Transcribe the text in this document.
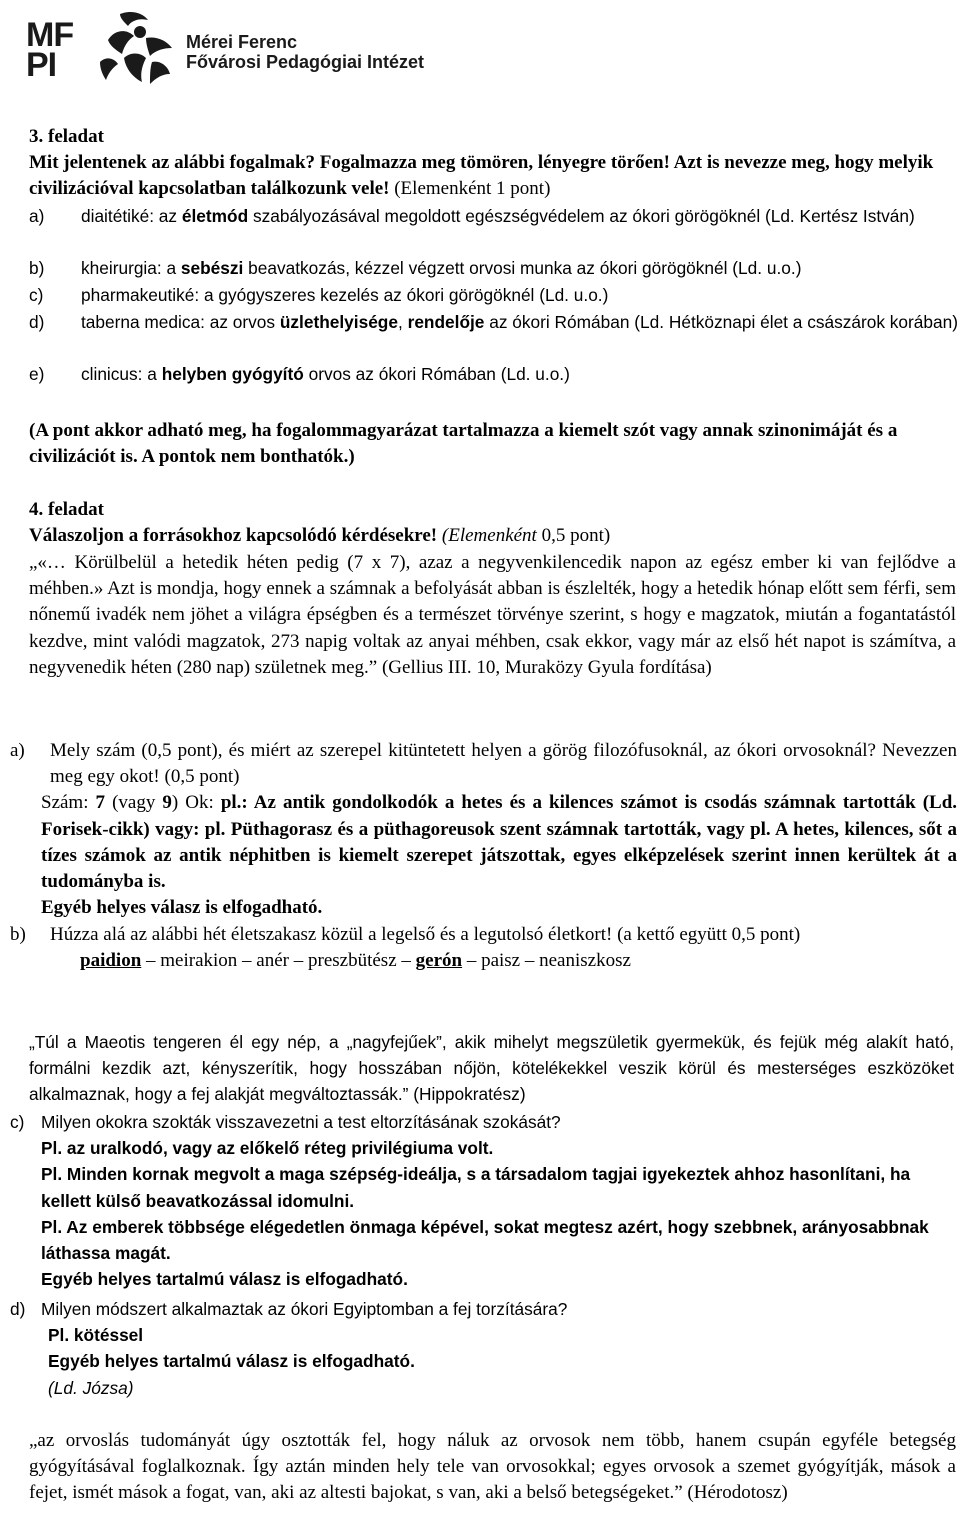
MF
PI
Mérei Ferenc
Fővárosi Pedagógiai Intézet
3. feladat

Mit jelentenek az alábbi fogalmak? Fogalmazza meg tömören, lényegre törően! Azt is nevezze meg, hogy melyik civilizációval kapcsolatban találkozunk vele! (Elemenként 1 pont)

a) diaitétiké: az életmód szabályozásával megoldott egészségvédelem az ókori görögöknél (Ld. Kertész István)
b) kheirurgia: a sebészi beavatkozás, kézzel végzett orvosi munka az ókori görögöknél (Ld. u.o.)
c) pharmakeutiké: a gyógyszeres kezelés az ókori görögöknél (Ld. u.o.)
d) taberna medica: az orvos üzlethelyisége, rendelője az ókori Rómában (Ld. Hétköznapi élet a császárok korában)
e) clinicus: a helyben gyógyító orvos az ókori Rómában (Ld. u.o.)

(A pont akkor adható meg, ha fogalommagyarázat tartalmazza a kiemelt szót vagy annak szinonimáját és a civilizációt is. A pontok nem bonthatók.)

4. feladat
Válaszoljon a forrásokhoz kapcsolódó kérdésekre! (Elemenként 0,5 pont)

„«… Körülbelül a hetedik héten pedig (7 x 7), azaz a negyvenkilencedik napon az egész ember ki van fejlődve a méhben.» Azt is mondja, hogy ennek a számnak a befolyását abban is észlelték, hogy a hetedik hónap előtt sem férfi, sem nőnemű ivadék nem jöhet a világra épségben és a természet törvénye szerint, s hogy e magzatok, miután a fogantatástól kezdve, mint valódi magzatok, 273 napig voltak az anyai méhben, csak ekkor, vagy már az első hét napot is számítva, a negyvenedik héten (280 nap) születnek meg.” (Gellius III. 10, Muraközy Gyula fordítása)

a) Mely szám (0,5 pont), és miért az szerepel kitüntetett helyen a görög filozófusoknál, az ókori orvosoknál? Nevezzen meg egy okot! (0,5 pont)

Szám: 7 (vagy 9) Ok: pl.: Az antik gondolkodók a hetes és a kilences számot is csodás számnak tartották (Ld. Forisek-cikk) vagy: pl. Püthagorasz és a püthagoreusok szent számnak tartották, vagy pl. A hetes, kilences, sőt a tízes számok az antik néphitben is kiemelt szerepet játszottak, egyes elképzelések szerint innen kerültek át a tudományba is.

Egyéb helyes válasz is elfogadható.

b) Húzza alá az alábbi hét életszakasz közül a legelső és a legutolsó életkort! (a kettő együtt 0,5 pont)

paidion – meirakion – anér – preszbütész – gerón – paisz – neaniszkosz

„Túl a Maeotis tengeren él egy nép, a „nagyfejűek”, akik mihelyt megszületik gyermekük, és fejük még alakít ható, formálni kezdik azt, kényszerítik, hogy hosszában nőjön, kötelékekkel veszik körül és mesterséges eszközöket alkalmaznak, hogy a fej alakját megváltoztassák.” (Hippokratész)

c) Milyen okokra szokták visszavezetni a test eltorzításának szokását?

Pl. az uralkodó, vagy az előkelő réteg privilégiuma volt.

Pl. Minden kornak megvolt a maga szépség-ideálja, s a társadalom tagjai igyekeztek ahhoz hasonlítani, ha kellett külső beavatkozással idomulni.

Pl. Az emberek többsége elégedetlen önmaga képével, sokat megtesz azért, hogy szebbnek, arányosabbnak láthassa magát.

Egyéb helyes tartalmú válasz is elfogadható.

d) Milyen módszert alkalmaztak az ókori Egyiptomban a fej torzítására?

Pl. kötéssel

Egyéb helyes tartalmú válasz is elfogadható.

(Ld. Józsa)

„az orvoslás tudományát úgy osztották fel, hogy náluk az orvosok nem több, hanem csupán egyféle betegség gyógyításával foglalkoznak. Így aztán minden hely tele van orvosokkal; egyes orvosok a szemet gyógyítják, mások a fejet, ismét mások a fogat, van, aki az altesti bajokat, s van, aki a belső betegségeket.” (Hérodotosz)
